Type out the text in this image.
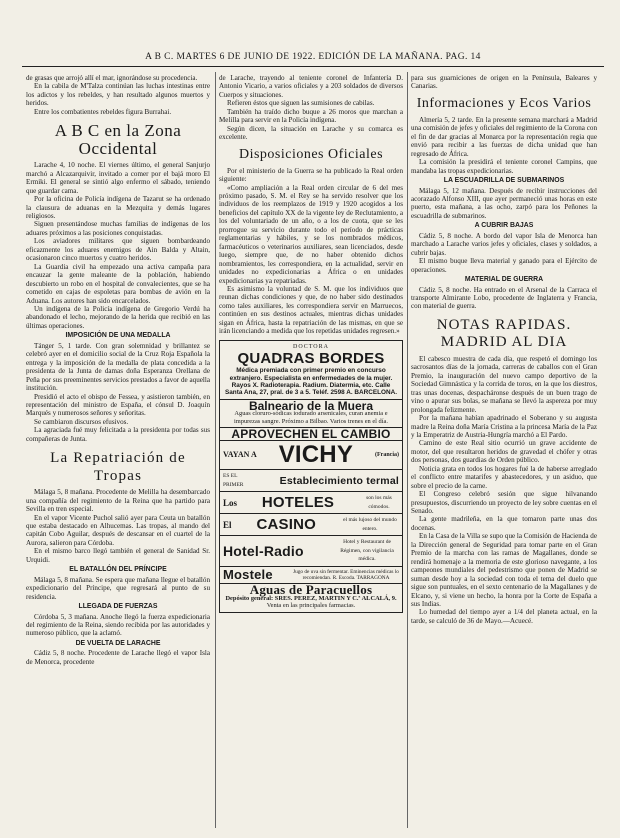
A B C. MARTES 6 DE JUNIO DE 1922. EDICIÓN DE LA MAÑANA. PAG. 14

de grasas que arrojó allí el mar, ignorándose su procedencia.

En la cabila de M'Talza continúan las luchas intestinas entre los adictos y los rebeldes, y han resultado algunos muertos y heridos.

Entre los combatientes rebeldes figura Burrahai.

A B C en la Zona Occidental

Larache 4, 10 noche. El viernes último, el general Sanjurjo marchó a Alcazarquivir, invitado a comer por el bajá moro El Ermiki. El general se sintió algo enfermo el sábado, teniendo que guardar cama.

Por la oficina de Policía indígena de Tazarut se ha ordenado la clausura de aduanas en la Mezquita y demás lugares religiosos.

Siguen presentándose muchas familias de indígenas de los aduares próximos a las posiciones conquistadas.

Los aviadores militares que siguen bombardeando eficazmente los aduares enemigos de Ain Balda y Altain, ocasionaron cinco muertos y cuatro heridos.

La Guardia civil ha empezado una activa campaña para encauzar la gente maleante de la población, habiendo descubierto un robo en el hospital de convalecientes, que se ha cometido en cajas de espoletas para bombas de avión en la Aduana. Los autores han sido encarcelados.

Un indígena de la Policía indígena de Gregorio Verdú ha abandonado el lecho, mejorando de la herida que recibió en las últimas operaciones.

IMPOSICIÓN DE UNA MEDALLA

Tánger 5, 1 tarde. Con gran solemnidad y brillantez se celebró ayer en el domicilio social de la Cruz Roja Española la entrega y la imposición de la medalla de plata concedida a la presidenta de la Junta de damas doña Esperanza Orellana de Peña por sus preeminentes servicios prestados a favor de aquella institución.

Presidió el acto el obispo de Fessea, y asistieron también, en representación del ministro de España, el cónsul D. Joaquín Marqués y numerosos señores y señoritas.

Se cambiaron discursos efusivos.

La agraciada fué muy felicitada a la presidenta por todas sus compañeras de Junta.

La Repatriación de Tropas

Málaga 5, 8 mañana. Procedente de Melilla ha desembarcado una compañía del regimiento de la Reina que ha partido para Sevilla en tren especial.

En el vapor Vicente Puchol salió ayer para Ceuta un batallón que estaba destacado en Alhucemas. Las tropas, al mando del capitán Cobo Aguilar, después de descansar en el cuartel de la Aurora, salieron para Córdoba.

En el mismo barco llegó también el general de Sanidad Sr. Urquidi.

EL BATALLÓN DEL PRÍNCIPE

Málaga 5, 8 mañana. Se espera que mañana llegue el batallón expedicionario del Príncipe, que regresará al punto de su residencia.

LLEGADA DE FUERZAS

Córdoba 5, 3 mañana. Anoche llegó la fuerza expedicionaria del regimiento de la Reina, siendo recibida por las autoridades y numeroso público, que la aclamó.

DE VUELTA DE LARACHE

Cádiz 5, 8 noche. Procedente de Larache llegó el vapor Isla de Menorca, procedente

de Larache, trayendo al teniente coronel de Infantería D. Antonio Vicario, a varios oficiales y a 203 soldados de diversos Cuerpos y situaciones.

Refieren éstos que siguen las sumisiones de cabilas.

También ha traído dicho buque a 26 moros que marchan a Melilla para servir en la Policía indígena.

Según dicen, la situación en Larache y su comarca es excelente.

Disposiciones Oficiales

Por el ministerio de la Guerra se ha publicado la Real orden siguiente:

«Como ampliación a la Real orden circular de 6 del mes próximo pasado, S. M. el Rey se ha servido resolver que los individuos de los reemplazos de 1919 y 1920 acogidos a los beneficios del capítulo XX de la vigente ley de Reclutamiento, a los del voluntariado de un año, o a los de cuota, que se les prorrogue su servicio durante todo el período de prácticas reglamentarias y hábiles, y se los nombrados médicos, farmacéuticos o veterinarios auxiliares, sean licenciados, desde luego, siempre que, de no haber obtenido dichos nombramientos, les correspondiera, en la actualidad, servir en unidades no expedicionarias a África o en unidades expedicionarias ya repatriadas.

Es asimismo la voluntad de S. M. que los individuos que reunan dichas condiciones y que, de no haber sido destinados como tales auxiliares, les correspondiera servir en Marruecos, continúen en sus destinos actuales, mientras dichas unidades sigan en África, hasta la repatriación de las mismas, en que se irán licenciando a medida que los repetidas unidades regresen.»

DOCTORA
QUADRAS BORDES
Médica premiada con primer premio en concurso extranjero. Especialista en enfermedades de la mujer. Rayos X. Radioterapia. Radium. Diatermia, etc. Calle Santa Ana, 27, pral. de 3 a 5. Teléf. 2598 A. BARCELONA.
Balneario de la Muera
Aguas cloruro-sódicas iodurado arsenicales, curan anemia e impurezas sangre. Próximo a Bilbao. Varios trenes en el día.
APROVECHEN EL CAMBIO
VAYAN A VICHY	(Francia)
ES EL PRIMER	Establecimiento termal
Los HOTELES	son los más cómodos.
El CASINO	el más lujoso del mundo entero.
Hotel-Radio
Hotel y Restaurant de Régimen, con vigilancia médica.
Mostele	Jugo de uva sin fermentar. Eminencias médicas lo recomiendan. R. Escoda. TARRAGONA
Aguas de Paracuellos
Depósito general: SRES. PEREZ, MARTIN Y C.ª ALCALÁ, 9.
Venta en las principales farmacias.

para sus guarniciones de origen en la Península, Baleares y Canarias.

Informaciones y Ecos Varios

Almería 5, 2 tarde. En la presente semana marchará a Madrid una comisión de jefes y oficiales del regimiento de la Corona con el fin de dar gracias al Monarca por la representación regia que envió para recibir a las fuerzas de dicha unidad que han regresado de África.

La comisión la presidirá el teniente coronel Campins, que mandaba las tropas expedicionarias.

LA ESCUADRILLA DE SUBMARINOS

Málaga 5, 12 mañana. Después de recibir instrucciones del acorazado Alfonso XIII, que ayer permaneció unas horas en este puerto, esta mañana, a las ocho, zarpó para los Peñones la escuadrilla de submarinos.

A CUBRIR BAJAS

Cádiz 5, 8 noche. A bordo del vapor Isla de Menorca han marchado a Larache varios jefes y oficiales, clases y soldados, a cubrir bajas.

El mismo buque lleva material y ganado para el Ejército de operaciones.

MATERIAL DE GUERRA

Cádiz 5, 8 noche. Ha entrado en el Arsenal de la Carraca el transporte Almirante Lobo, procedente de Inglaterra y Francia, con material de guerra.

NOTAS RAPIDAS. MADRID AL DIA

El cabesco muestra de cada día, que respetó el domingo los sacrosantos días de la jornada, carreras de caballos con el Gran Premio, la inauguración del nuevo campo deportivo de la Sociedad Gimnástica y la corrida de toros, en la que los diestros, tras unas docenas, despacháronse después de un buen trago de vino o apurar sus bolas, se mañana se llevó la aspereza por muy prolongada felizmente.

Por la mañana habían apadrinado el Soberano y su augusta madre la Reina doña María Cristina a la princesa María de la Paz y la Emperatriz de Austria-Hungría marchó a El Pardo.

Camino de este Real sitio ocurrió un grave accidente de motor, del que resultaron heridos de gravedad el chófer y otras dos personas, dos guardias de Orden público.

Noticia grata en todos los hogares fué la de haberse arreglado el conflicto entre matarifes y abastecedores, y un asiduo, que sobre el precio de la carne.

El Congreso celebró sesión que sigue hilvanando presupuestos, discurriendo un proyecto de ley sobre cuentas en el Senado.

La gente madrileña, en la que tomaron parte unas dos docenas.

En la Casa de la Villa se supo que la Comisión de Hacienda de la Dirección general de Seguridad para tomar parte en el Gran Premio de la marcha con las ramas de Magallanes, donde se rendirá homenaje a la memoria de este glorioso navegante, a los campeones mundiales del pedestrismo que ponen de Madrid se suman desde hoy a la sociedad con toda el tema del duelo que sigue son puntuales, en el sexto centenario de la Magallanes y de Elcano, y, si viene un hecho, la honra por la Corte de España a sus Indias.

Lo humedad del tiempo ayer a 1/4 del planeta actual, en la tarde, se calculó de 36 de Mayo.—Acuecé.
